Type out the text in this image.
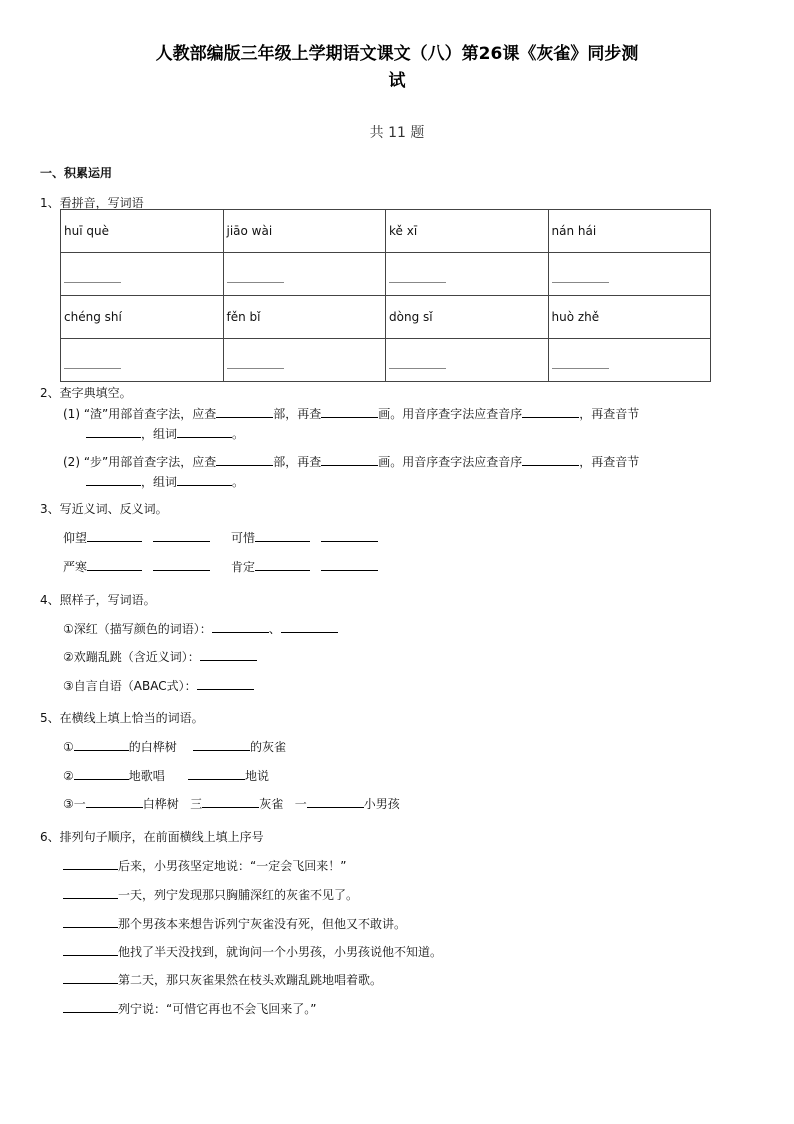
人教部编版三年级上学期语文课文（八）第26课《灰雀》同步测
试
共 11 题
一、积累运用
1、看拼音，写词语
huī què	jiāo wài	kě xī	nán hái

chéng shí	fěn bǐ	dòng sǐ	huò zhě

2、查字典填空。
(1) “渣”用部首查字法，应查	部，再查	画。用音序查字法应查音序	，再查音节
，组词	。
(2) “步”用部首查字法，应查	部，再查	画。用音序查字法应查音序	，再查音节
，组词	。
3、写近义词、反义词。
仰望	可惜
严寒	肯定
4、照样子，写词语。
①深红（描写颜色的词语）：	、
②欢蹦乱跳（含近义词）：
③自言自语（ABAC式）：
5、在横线上填上恰当的词语。
①	的白桦树	的灰雀
②	地歌唱	地说
③一	白桦树 三	灰雀 一	小男孩
6、排列句子顺序，在前面横线上填上序号
后来，小男孩坚定地说：“一定会飞回来！”
一天，列宁发现那只胸脯深红的灰雀不见了。
那个男孩本来想告诉列宁灰雀没有死，但他又不敢讲。
他找了半天没找到，就询问一个小男孩，小男孩说他不知道。
第二天，那只灰雀果然在枝头欢蹦乱跳地唱着歌。
列宁说：“可惜它再也不会飞回来了。”
